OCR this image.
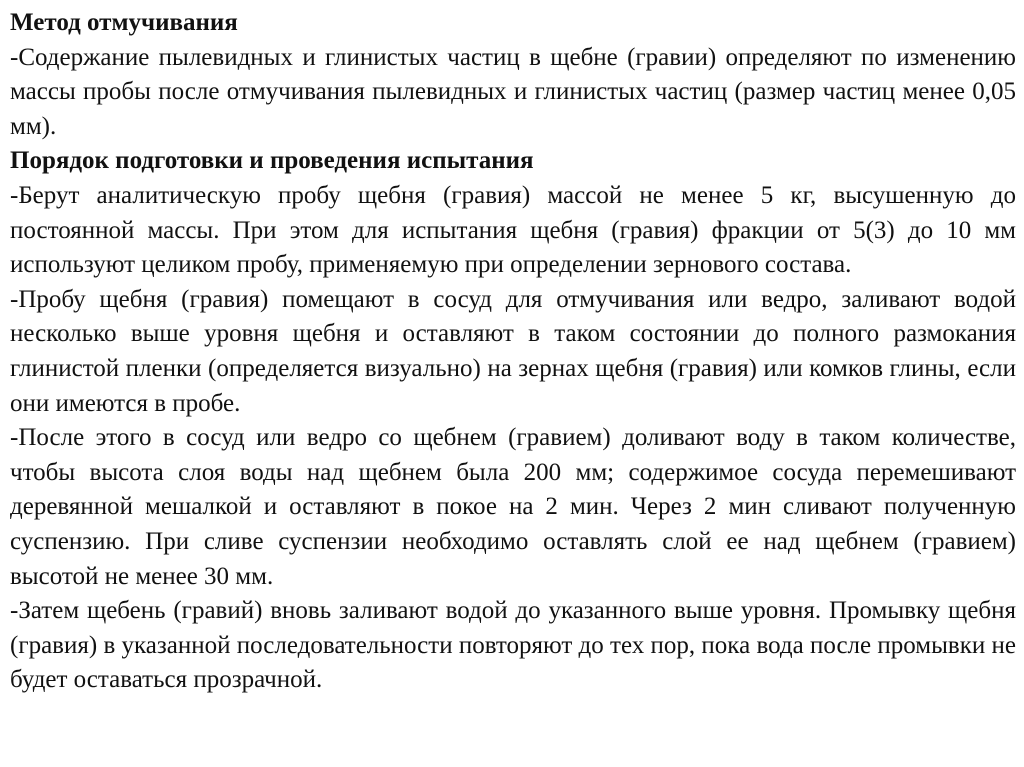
Метод отмучивания

-Содержание пылевидных и глинистых частиц в щебне (гравии) определяют по изменению массы пробы после отмучивания пылевидных и глинистых частиц (размер частиц менее 0,05 мм).

Порядок подготовки и проведения испытания

-Берут аналитическую пробу щебня (гравия) массой не менее 5 кг, высушенную до постоянной массы. При этом для испытания щебня (гравия) фракции от 5(3) до 10 мм используют целиком пробу, применяемую при определении зернового состава.

-Пробу щебня (гравия) помещают в сосуд для отмучивания или ведро, заливают водой несколько выше уровня щебня и оставляют в таком состоянии до полного размокания глинистой пленки (определяется визуально) на зернах щебня (гравия) или комков глины, если они имеются в пробе.

-После этого в сосуд или ведро со щебнем (гравием) доливают воду в таком количестве, чтобы высота слоя воды над щебнем была 200 мм; содержимое сосуда перемешивают деревянной мешалкой и оставляют в покое на 2 мин. Через 2 мин сливают полученную суспензию. При сливе суспензии необходимо оставлять слой ее над щебнем (гравием) высотой не менее 30 мм.

-Затем щебень (гравий) вновь заливают водой до указанного выше уровня. Промывку щебня (гравия) в указанной последовательности повторяют до тех пор, пока вода после промывки не будет оставаться прозрачной.
